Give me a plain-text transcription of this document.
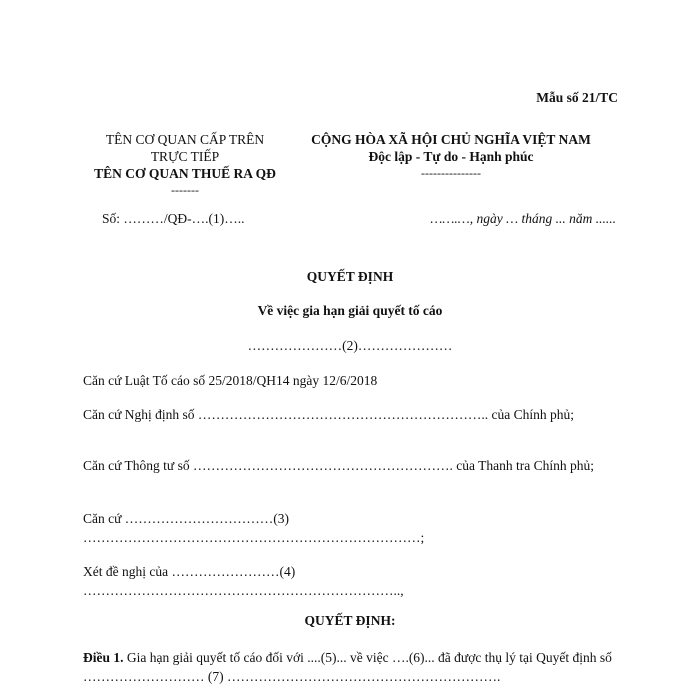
Mẫu số 21/TC
TÊN CƠ QUAN CẤP TRÊN
TRỰC TIẾP
TÊN CƠ QUAN THUẾ RA QĐ
-------
CỘNG HÒA XÃ HỘI CHỦ NGHĨA VIỆT NAM
Độc lập - Tự do - Hạnh phúc
---------------
Số: ………/QĐ-….(1)…..	…….…, ngày … tháng ... năm ......
QUYẾT ĐỊNH
Về việc gia hạn giải quyết tố cáo
…………………(2)…………………
Căn cứ Luật Tố cáo số 25/2018/QH14 ngày 12/6/2018
Căn cứ Nghị định số ……………………………………………………….. của Chính phủ;
Căn cứ Thông tư số …………………………………………………. của Thanh tra Chính phủ;
Căn cứ ……………………………(3) …………………………………………………………………;
Xét đề nghị của ……………………(4) ……………………………………………………………..,
QUYẾT ĐỊNH:
Điều 1. Gia hạn giải quyết tố cáo đối với ....(5)... về việc ….(6)... đã được thụ lý tại Quyết định số ……………………… (7) …………………………………………………….
